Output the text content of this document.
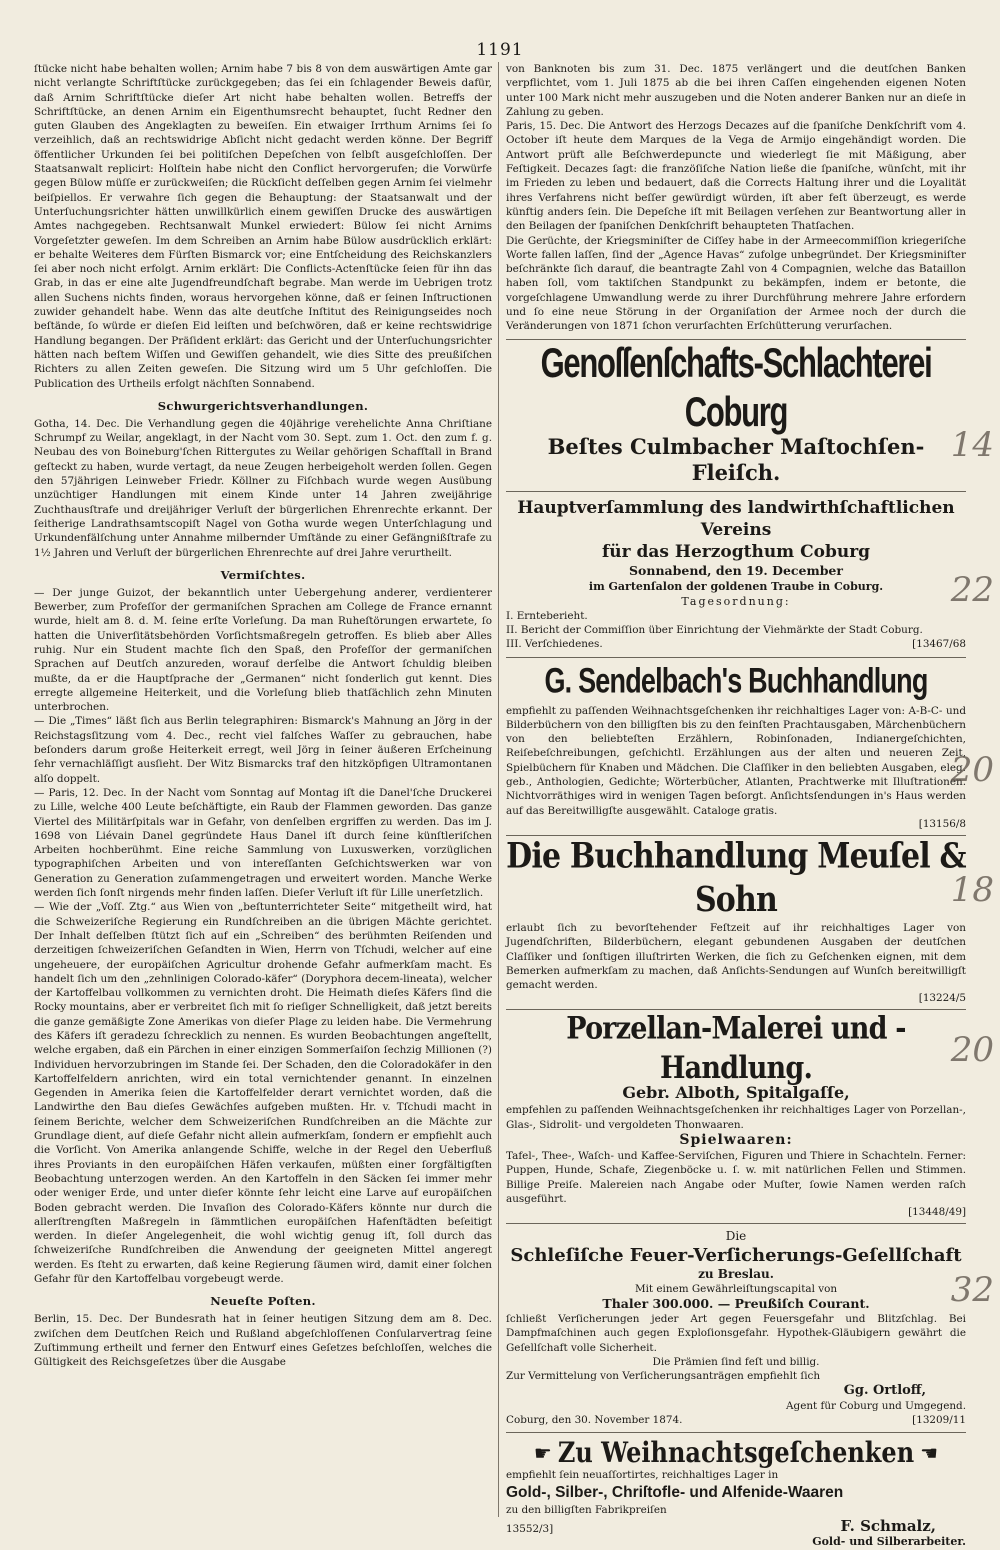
1191

ſtücke nicht habe behalten wollen; Arnim habe 7 bis 8 von dem auswärtigen Amte gar nicht verlangte Schriftſtücke zurückgegeben; das ſei ein ſchlagender Beweis dafür, daß Arnim Schriftſtücke dieſer Art nicht habe behalten wollen. Betreffs der Schriftſtücke, an denen Arnim ein Eigenthumsrecht behauptet, ſucht Redner den guten Glauben des Angeklagten zu beweiſen. Ein etwaiger Irrthum Arnims ſei ſo verzeihlich, daß an rechtswidrige Abſicht nicht gedacht werden könne. Der Begriff öffentlicher Urkunden ſei bei politiſchen Depeſchen von ſelbſt ausgeſchloſſen. Der Staatsanwalt replicirt: Holſtein habe nicht den Conflict hervorgerufen; die Vorwürfe gegen Bülow müſſe er zurückweiſen; die Rückſicht deſſelben gegen Arnim ſei vielmehr beiſpiellos. Er verwahre ſich gegen die Behauptung: der Staatsanwalt und der Unterſuchungsrichter hätten unwillkürlich einem gewiſſen Drucke des auswärtigen Amtes nachgegeben. Rechtsanwalt Munkel erwiedert: Bülow ſei nicht Arnims Vorgeſetzter geweſen. Im dem Schreiben an Arnim habe Bülow ausdrücklich erklärt: er behalte Weiteres dem Fürſten Bismarck vor; eine Entſcheidung des Reichskanzlers ſei aber noch nicht erfolgt. Arnim erklärt: Die Conflicts-Actenſtücke ſeien für ihn das Grab, in das er eine alte Jugendfreundſchaft begrabe. Man werde im Uebrigen trotz allen Suchens nichts finden, woraus hervorgehen könne, daß er ſeinen Inſtructionen zuwider gehandelt habe. Wenn das alte deutſche Inſtitut des Reinigungseides noch beſtände, ſo würde er dieſen Eid leiſten und beſchwören, daß er keine rechtswidrige Handlung begangen. Der Präſident erklärt: das Gericht und der Unterſuchungsrichter hätten nach beſtem Wiſſen und Gewiſſen gehandelt, wie dies Sitte des preußiſchen Richters zu allen Zeiten geweſen. Die Sitzung wird um 5 Uhr geſchloſſen. Die Publication des Urtheils erfolgt nächſten Sonnabend.

Schwurgerichtsverhandlungen.

Gotha, 14. Dec. Die Verhandlung gegen die 40jährige verehelichte Anna Chriſtiane Schrumpf zu Weilar, angeklagt, in der Nacht vom 30. Sept. zum 1. Oct. den zum f. g. Neubau des von Boineburg'ſchen Rittergutes zu Weilar gehörigen Schafſtall in Brand geſteckt zu haben, wurde vertagt, da neue Zeugen herbeigeholt werden ſollen. Gegen den 57jährigen Leinweber Friedr. Köllner zu Fiſchbach wurde wegen Ausübung unzüchtiger Handlungen mit einem Kinde unter 14 Jahren zweijährige Zuchthausſtrafe und dreijähriger Verluſt der bürgerlichen Ehrenrechte erkannt. Der ſeitherige Landrathsamtscopiſt Nagel von Gotha wurde wegen Unterſchlagung und Urkundenfälſchung unter Annahme milbernder Umſtände zu einer Gefängnißſtrafe zu 1½ Jahren und Verluſt der bürgerlichen Ehrenrechte auf drei Jahre verurtheilt.

Vermiſchtes.

— Der junge Guizot, der bekanntlich unter Uebergehung anderer, verdienterer Bewerber, zum Profeſſor der germaniſchen Sprachen am College de France ernannt wurde, hielt am 8. d. M. ſeine erſte Vorleſung. Da man Ruheſtörungen erwartete, ſo hatten die Univerſitätsbehörden Vorſichtsmaßregeln getroffen. Es blieb aber Alles ruhig. Nur ein Student machte ſich den Spaß, den Profeſſor der germaniſchen Sprachen auf Deutſch anzureden, worauf derſelbe die Antwort ſchuldig bleiben mußte, da er die Hauptſprache der „Germanen“ nicht ſonderlich gut kennt. Dies erregte allgemeine Heiterkeit, und die Vorleſung blieb thatſächlich zehn Minuten unterbrochen.

— Die „Times“ läßt ſich aus Berlin telegraphiren: Bismarck's Mahnung an Jörg in der Reichstagsſitzung vom 4. Dec., recht viel falſches Waſſer zu gebrauchen, habe beſonders darum große Heiterkeit erregt, weil Jörg in ſeiner äußeren Erſcheinung ſehr vernachläſſigt ausſieht. Der Witz Bismarcks traf den hitzköpfigen Ultramontanen alſo doppelt.

— Paris, 12. Dec. In der Nacht vom Sonntag auf Montag iſt die Danel'ſche Druckerei zu Lille, welche 400 Leute beſchäftigte, ein Raub der Flammen geworden. Das ganze Viertel des Militärſpitals war in Gefahr, von denſelben ergriffen zu werden. Das im J. 1698 von Liévain Danel gegründete Haus Danel iſt durch ſeine künſtleriſchen Arbeiten hochberühmt. Eine reiche Sammlung von Luxuswerken, vorzüglichen typographiſchen Arbeiten und von intereſſanten Geſchichtswerken war von Generation zu Generation zuſammengetragen und erweitert worden. Manche Werke werden ſich ſonſt nirgends mehr finden laſſen. Dieſer Verluſt iſt für Lille unerſetzlich.

— Wie der „Voſſ. Ztg.“ aus Wien von „beſtunterrichteter Seite“ mitgetheilt wird, hat die Schweizeriſche Regierung ein Rundſchreiben an die übrigen Mächte gerichtet. Der Inhalt deſſelben ſtützt ſich auf ein „Schreiben“ des berühmten Reiſenden und derzeitigen ſchweizeriſchen Geſandten in Wien, Herrn von Tſchudi, welcher auf eine ungeheuere, der europäiſchen Agricultur drohende Gefahr aufmerkſam macht. Es handelt ſich um den „zehnlinigen Colorado-käfer“ (Doryphora decem-lineata), welcher der Kartoffelbau vollkommen zu vernichten droht. Die Heimath dieſes Käfers ſind die Rocky mountains, aber er verbreitet ſich mit ſo rieſiger Schnelligkeit, daß jetzt bereits die ganze gemäßigte Zone Amerikas von dieſer Plage zu leiden habe. Die Vermehrung des Käfers iſt geradezu ſchrecklich zu nennen. Es wurden Beobachtungen angeſtellt, welche ergaben, daß ein Pärchen in einer einzigen Sommerſaiſon ſechzig Millionen (?) Individuen hervorzubringen im Stande ſei. Der Schaden, den die Coloradokäfer in den Kartoffelfeldern anrichten, wird ein total vernichtender genannt. In einzelnen Gegenden in Amerika ſeien die Kartoffelfelder derart vernichtet worden, daß die Landwirthe den Bau dieſes Gewächſes aufgeben mußten. Hr. v. Tſchudi macht in ſeinem Berichte, welcher dem Schweizeriſchen Rundſchreiben an die Mächte zur Grundlage dient, auf dieſe Gefahr nicht allein aufmerkſam, ſondern er empfiehlt auch die Vorſicht. Von Amerika anlangende Schiffe, welche in der Regel den Ueberfluß ihres Proviants in den europäiſchen Häfen verkaufen, müßten einer ſorgfältigſten Beobachtung unterzogen werden. An den Kartoffeln in den Säcken ſei immer mehr oder weniger Erde, und unter dieſer könnte ſehr leicht eine Larve auf europäiſchen Boden gebracht werden. Die Invaſion des Colorado-Käfers könnte nur durch die allerſtrengſten Maßregeln in ſämmtlichen europäiſchen Hafenſtädten beſeitigt werden. In dieſer Angelegenheit, die wohl wichtig genug iſt, ſoll durch das ſchweizeriſche Rundſchreiben die Anwendung der geeigneten Mittel angeregt werden. Es ſteht zu erwarten, daß keine Regierung ſäumen wird, damit einer ſolchen Gefahr für den Kartoffelbau vorgebeugt werde.

Neueſte Poſten.

Berlin, 15. Dec. Der Bundesrath hat in ſeiner heutigen Sitzung dem am 8. Dec. zwiſchen dem Deutſchen Reich und Rußland abgeſchloſſenen Conſularvertrag ſeine Zuſtimmung ertheilt und ferner den Entwurf eines Geſetzes beſchloſſen, welches die Gültigkeit des Reichsgeſetzes über die Ausgabe

von Banknoten bis zum 31. Dec. 1875 verlängert und die deutſchen Banken verpflichtet, vom 1. Juli 1875 ab die bei ihren Caſſen eingehenden eigenen Noten unter 100 Mark nicht mehr auszugeben und die Noten anderer Banken nur an dieſe in Zahlung zu geben.

Paris, 15. Dec. Die Antwort des Herzogs Decazes auf die ſpaniſche Denkſchrift vom 4. October iſt heute dem Marques de la Vega de Armijo eingehändigt worden. Die Antwort prüft alle Beſchwerdepuncte und wiederlegt ſie mit Mäßigung, aber Feſtigkeit. Decazes ſagt: die franzöſiſche Nation ließe die ſpaniſche, wünſcht, mit ihr im Frieden zu leben und bedauert, daß die Corrects Haltung ihrer und die Loyalität ihres Verfahrens nicht beſſer gewürdigt würden, iſt aber feſt überzeugt, es werde künftig anders ſein. Die Depeſche iſt mit Beilagen verſehen zur Beantwortung aller in den Beilagen der ſpaniſchen Denkſchrift behaupteten Thatſachen.

Die Gerüchte, der Kriegsminiſter de Ciſſey habe in der Armeecommiſſion kriegeriſche Worte fallen laſſen, ſind der „Agence Havas“ zufolge unbegründet. Der Kriegsminiſter beſchränkte ſich darauf, die beantragte Zahl von 4 Compagnien, welche das Bataillon haben ſoll, vom taktiſchen Standpunkt zu bekämpfen, indem er betonte, die vorgeſchlagene Umwandlung werde zu ihrer Durchführung mehrere Jahre erfordern und ſo eine neue Störung in der Organiſation der Armee noch der durch die Veränderungen von 1871 ſchon verurſachten Erſchütterung verurſachen.

Genoſſenſchafts-Schlachterei Coburg
Beſtes Culmbacher Maſtochſen-Fleiſch.
Hauptverſammlung des landwirthſchaftlichen Vereins
für das Herzogthum Coburg
Sonnabend, den 19. December
im Gartenſalon der goldenen Traube in Coburg.
Tagesordnung:
I. Ernteberieht.
II. Bericht der Commiſſion über Einrichtung der Viehmärkte der Stadt Coburg.
III. Verſchiedenes.	[13467/68
G. Sendelbach's Buchhandlung

empfiehlt zu paſſenden Weihnachtsgeſchenken ihr reichhaltiges Lager von: A-B-C- und Bilderbüchern von den billigſten bis zu den feinſten Prachtausgaben, Märchenbüchern von den beliebteſten Erzählern, Robinſonaden, Indianergeſchichten, Reiſebeſchreibungen, geſchichtl. Erzählungen aus der alten und neueren Zeit, Spielbüchern für Knaben und Mädchen. Die Claſſiker in den beliebten Ausgaben, eleg. geb., Anthologien, Gedichte; Wörterbücher, Atlanten, Prachtwerke mit Illuſtrationen. Nichtvorräthiges wird in wenigen Tagen beſorgt. Anſichtsſendungen in's Haus werden auf das Bereitwilligſte ausgewählt. Cataloge gratis.

[13156/8
Die Buchhandlung Meuſel & Sohn

erlaubt ſich zu bevorſtehender Feſtzeit auf ihr reichhaltiges Lager von Jugendſchriften, Bilderbüchern, elegant gebundenen Ausgaben der deutſchen Claſſiker und ſonſtigen illuſtrirten Werken, die ſich zu Geſchenken eignen, mit dem Bemerken aufmerkſam zu machen, daß Anſichts-Sendungen auf Wunſch bereitwilligſt gemacht werden.

[13224/5
Porzellan-Malerei und -Handlung.
Gebr. Alboth, Spitalgaſſe,

empfehlen zu paſſenden Weihnachtsgeſchenken ihr reichhaltiges Lager von Porzellan-, Glas-, Sidrolit- und vergoldeten Thonwaaren.

Spielwaaren:

Tafel-, Thee-, Waſch- und Kaffee-Serviſchen, Figuren und Thiere in Schachteln. Ferner: Puppen, Hunde, Schafe, Ziegenböcke u. ſ. w. mit natürlichen Fellen und Stimmen. Billige Preiſe. Malereien nach Angabe oder Muſter, ſowie Namen werden raſch ausgeführt.

[13448/49]
Die
Schleſiſche Feuer-Verſicherungs-Geſellſchaft
zu Breslau.
Mit einem Gewährleiſtungscapital von
Thaler 300.000. — Preußiſch Courant.

ſchließt Verſicherungen jeder Art gegen Feuersgefahr und Blitzſchlag. Bei Dampfmaſchinen auch gegen Exploſionsgefahr. Hypothek-Gläubigern gewährt die Geſellſchaft volle Sicherheit.

Die Prämien ſind feſt und billig.
Zur Vermittelung von Verſicherungsanträgen empfiehlt ſich
Gg. Ortloff,
Agent für Coburg und Umgegend.
Coburg, den 30. November 1874.	[13209/11
☛ Zu Weihnachtsgeſchenken ☚
empfiehlt ſein neuaſſortirtes, reichhaltiges Lager in
Gold-, Silber-, Chriſtofle- und Alfenide-Waaren
zu den billigſten Fabrikpreiſen
13552/3]	F. Schmalz,
Gold- und Silberarbeiter.
14
22
20
18
20
32
